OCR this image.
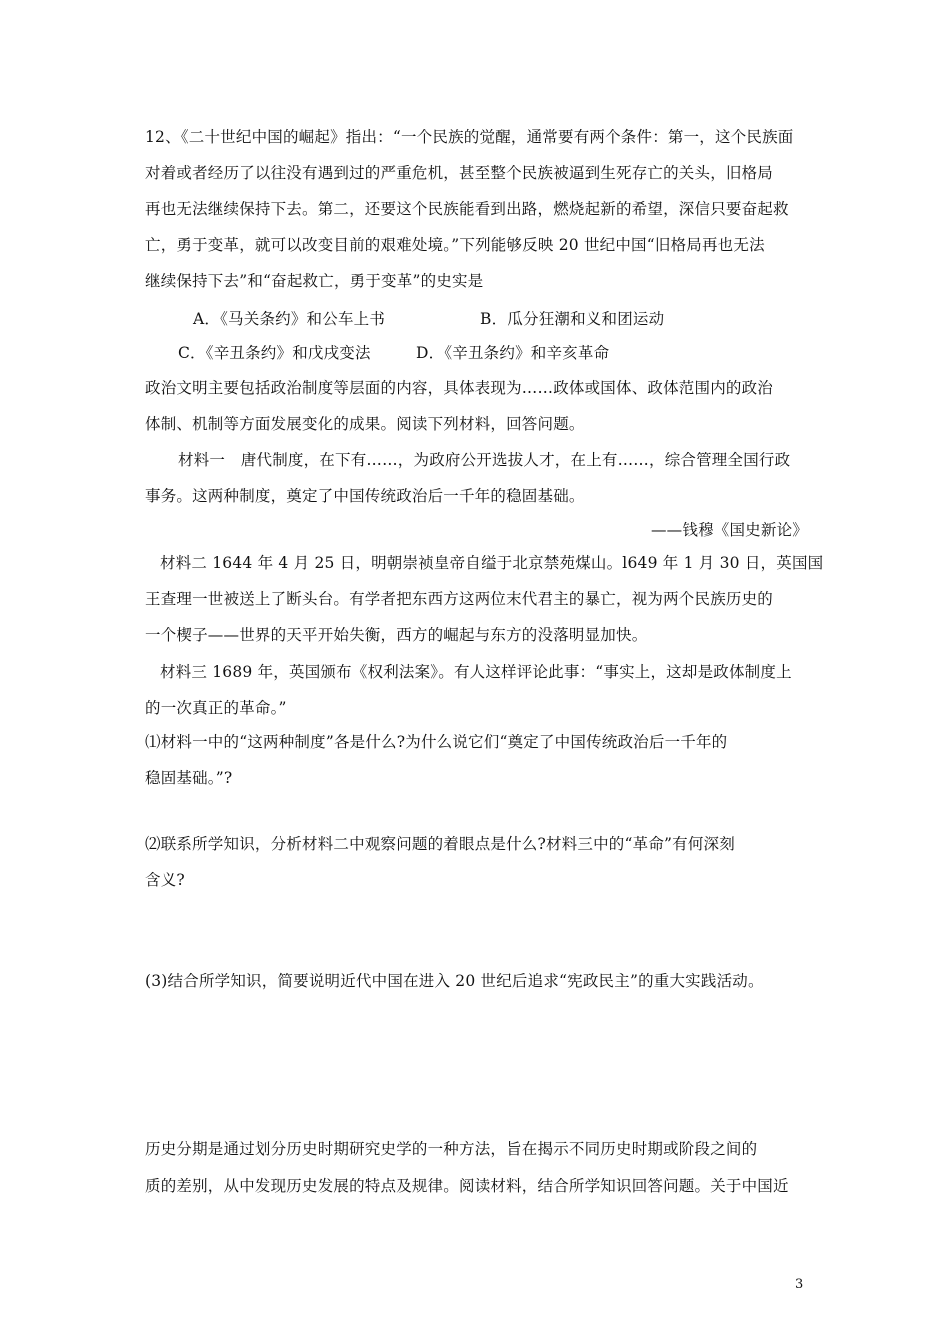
12、《二十世纪中国的崛起》指出：“一个民族的觉醒，通常要有两个条件：第一，这个民族面
对着或者经历了以往没有遇到过的严重危机，甚至整个民族被逼到生死存亡的关头，旧格局
再也无法继续保持下去。第二，还要这个民族能看到出路，燃烧起新的希望，深信只要奋起救
亡，勇于变革，就可以改变目前的艰难处境。”下列能够反映 20 世纪中国“旧格局再也无法
继续保持下去”和“奋起救亡，勇于变革”的史实是
A．《马关条约》和公车上书	B．瓜分狂潮和义和团运动
C．《辛丑条约》和戊戌变法	D．《辛丑条约》和辛亥革命
政治文明主要包括政治制度等层面的内容，具体表现为……政体或国体、政体范围内的政治
体制、机制等方面发展变化的成果。阅读下列材料，回答问题。
材料一　唐代制度，在下有……，为政府公开选拔人才，在上有……，综合管理全国行政
事务。这两种制度，奠定了中国传统政治后一千年的稳固基础。
——钱穆《国史新论》
材料二 1644 年 4 月 25 日，明朝崇祯皇帝自缢于北京禁苑煤山。l649 年 1 月 30 日，英国国
王查理一世被送上了断头台。有学者把东西方这两位末代君主的暴亡，视为两个民族历史的
一个楔子——世界的天平开始失衡，西方的崛起与东方的没落明显加快。
材料三 1689 年，英国颁布《权利法案》。有人这样评论此事：“事实上，这却是政体制度上
的一次真正的革命。”
⑴材料一中的“这两种制度”各是什么?为什么说它们“奠定了中国传统政治后一千年的
稳固基础。”?
⑵联系所学知识，分析材料二中观察问题的着眼点是什么?材料三中的“革命”有何深刻
含义?
(3)结合所学知识，简要说明近代中国在进入 20 世纪后追求“宪政民主”的重大实践活动。
历史分期是通过划分历史时期研究史学的一种方法，旨在揭示不同历史时期或阶段之间的
质的差别，从中发现历史发展的特点及规律。阅读材料，结合所学知识回答问题。关于中国近
3
